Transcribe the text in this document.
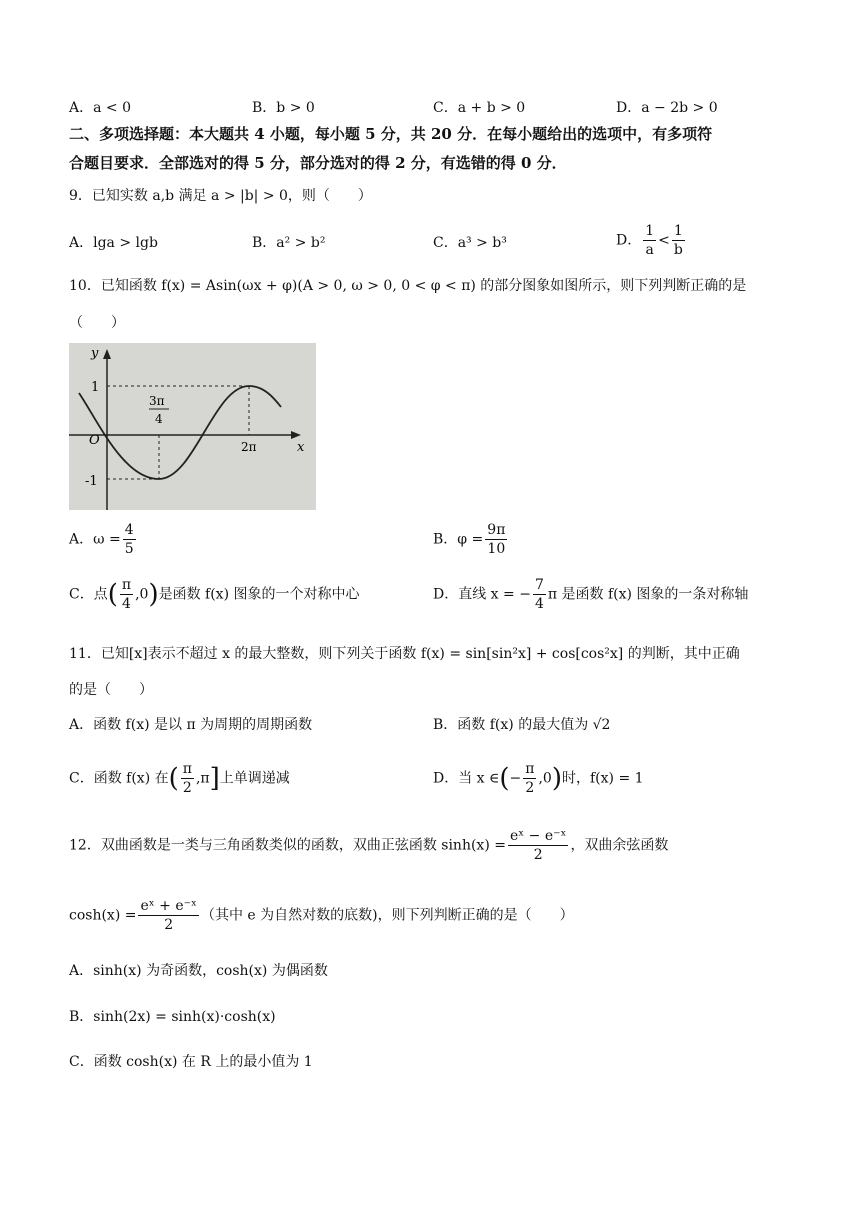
A．a < 0	B．b > 0	C．a + b > 0	D．a − 2b > 0
二、多项选择题：本大题共 4 小题，每小题 5 分，共 20 分．在每小题给出的选项中，有多项符
合题目要求．全部选对的得 5 分，部分选对的得 2 分，有选错的得 0 分．
9．已知实数 a,b 满足 a > |b| > 0，则（　　）
A．lga > lgb	B．a² > b²	C．a³ > b³	D． $\frac{1}{a} < \frac{1}{b}$
10．已知函数 f(x) = Asin(ωx + φ)(A > 0, ω > 0, 0 < φ < π) 的部分图象如图所示，则下列判断正确的是
（　　）
y
x
O
1
-1
3π
4
2π
A．$\omega = \frac{4}{5}$	B．$\varphi = \frac{9\pi}{10}$
C．点( $\frac{\pi}{4} ,0$)是函数 f(x) 图象的一个对称中心	D．直线 x = − $\frac{7}{4}$ π 是函数 f(x) 图象的一条对称轴
11．已知[x]表示不超过 x 的最大整数，则下列关于函数 f(x) = sin[sin²x] + cos[cos²x] 的判断，其中正确
的是（　　）
A．函数 f(x) 是以 π 为周期的周期函数	B．函数 f(x) 的最大值为 √2
C．函数 f(x) 在( $\frac{\pi}{2} ,\pi$]上单调递减	D．当 x ∈(− $\frac{\pi}{2} ,0$)时，f(x) = 1
12．双曲函数是一类与三角函数类似的函数，双曲正弦函数 $\sinh(x) = \frac{\text{eˣ − e⁻ˣ}}{2}$ ，双曲余弦函数
$\cosh(x) = \frac{\text{eˣ + e⁻ˣ}}{2}$ （其中 e 为自然对数的底数)，则下列判断正确的是（　　）
A．sinh(x) 为奇函数，cosh(x) 为偶函数
B．sinh(2x) = sinh(x)·cosh(x)
C．函数 cosh(x) 在 R 上的最小值为 1
